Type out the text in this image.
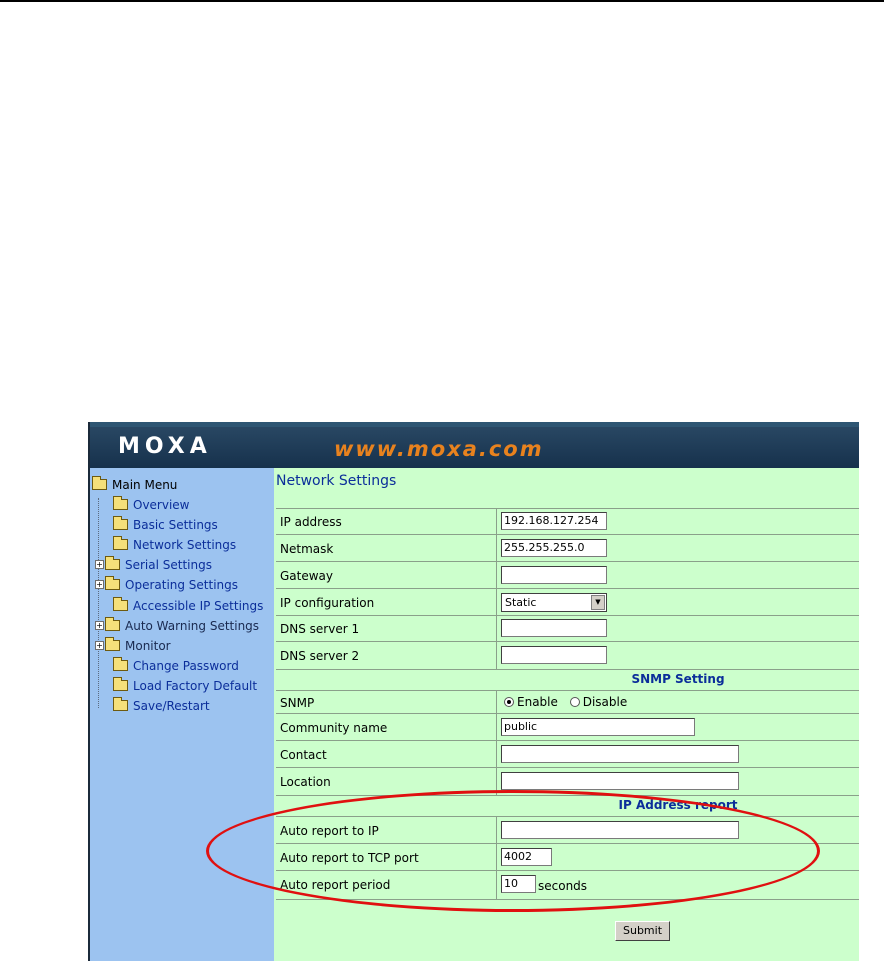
MOXA	www.moxa.com
Main Menu
Overview
Basic Settings
Network Settings
+ Serial Settings
+ Operating Settings
Accessible IP Settings
+ Auto Warning Settings
+ Monitor
Change Password
Load Factory Default
Save/Restart
Network Settings
IP address	192.168.127.254
Netmask	255.255.255.0
Gateway
IP configuration	Static	▼
DNS server 1
DNS server 2
SNMP Setting
SNMP	Enable Disable
Community name	public
Contact
Location
IP Address report
Auto report to IP
Auto report to TCP port	4002
Auto report period	10	seconds
Submit
